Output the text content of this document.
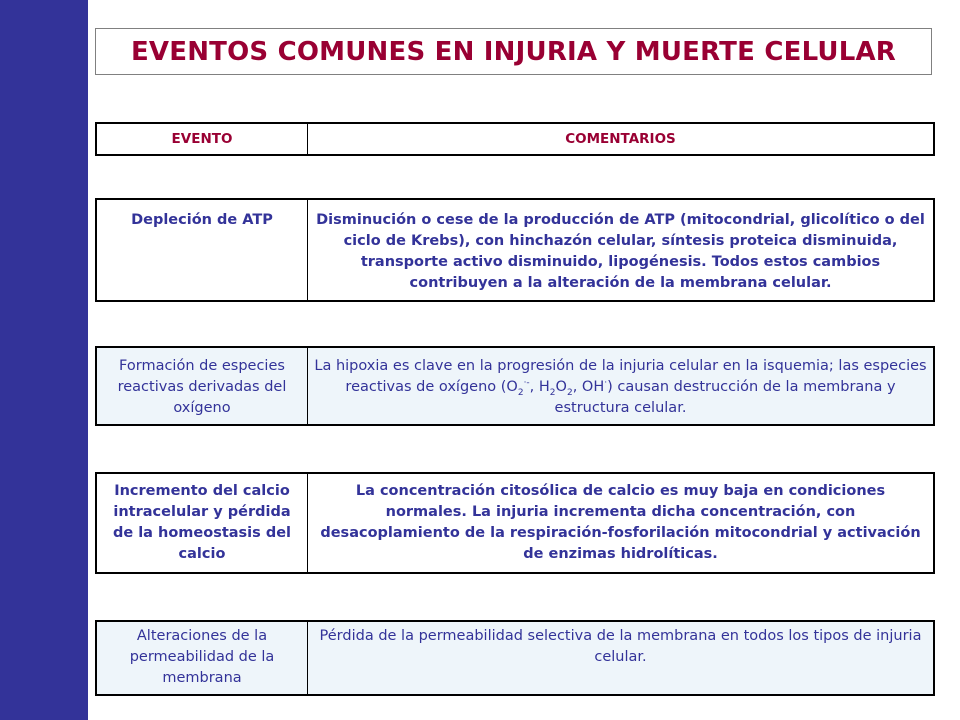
EVENTOS COMUNES EN INJURIA Y MUERTE CELULAR
EVENTO	COMENTARIOS
Depleción de ATP	Disminución o cese de la producción de ATP (mitocondrial, glicolítico o del ciclo de Krebs), con hinchazón celular, síntesis proteica disminuida, transporte activo disminuido, lipogénesis. Todos estos cambios contribuyen a la alteración de la membrana celular.
Formación de especies reactivas derivadas del oxígeno
La hipoxia es clave en la progresión de la injuria celular en la isquemia; las especies reactivas de oxígeno ($O_2^{\cdot-}$, $H_2O_2$, OH·) causan destrucción de la membrana y estructura celular.
Incremento del calcio intracelular y pérdida de la homeostasis del calcio
La concentración citosólica de calcio es muy baja en condiciones normales. La injuria incrementa dicha concentración, con desacoplamiento de la respiración-fosforilación mitocondrial y activación de enzimas hidrolíticas.
Alteraciones de la permeabilidad de la membrana
Pérdida de la permeabilidad selectiva de la membrana en todos los tipos de injuria celular.
